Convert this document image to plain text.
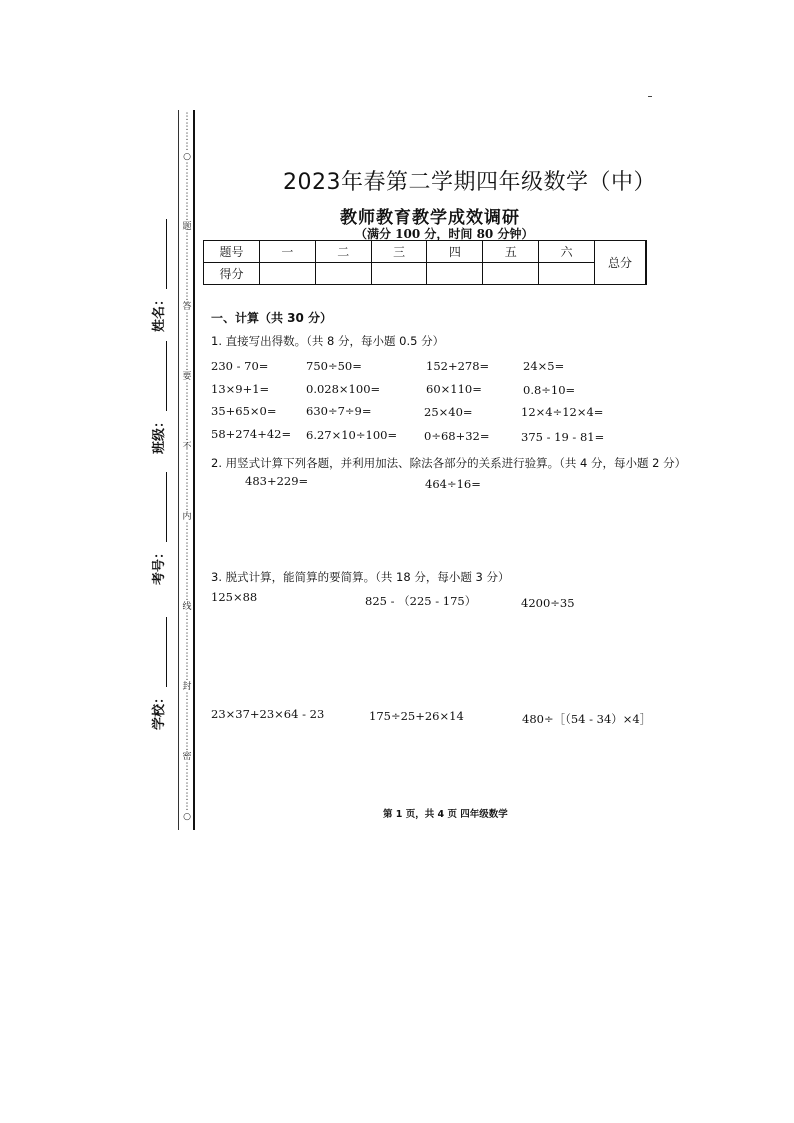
⋮
⋮
⋮
⋮
○
⋮
⋮
⋮
⋮
⋮
⋮
题
⋮
⋮
⋮
⋮
⋮
⋮
⋮
答
⋮
⋮
⋮
⋮
⋮
⋮
要
⋮
⋮
⋮
⋮
⋮
⋮
不
⋮
⋮
⋮
⋮
⋮
⋮
内
⋮
⋮
⋮
⋮
⋮
⋮
⋮
⋮
线
⋮
⋮
⋮
⋮
⋮
⋮
⋮
封
⋮
⋮
⋮
⋮
⋮
⋮
密
⋮
⋮
⋮
⋮
⋮
○
姓名：
班级：
考号：
学校：
2023年春第二学期四年级数学（中）
教师教育教学成效调研
（满分 100 分，时间 80 分钟）
题号	一	二	三	四	五	六	总分
得分							
一、计算（共 30 分）
1. 直接写出得数。（共 8 分，每小题 0.5 分）
230 - 70=	750÷50=	152+278=	24×5=
13×9+1=	0.028×100=	60×110=	0.8÷10=
35+65×0=	630÷7÷9=	25×40=	12×4÷12×4=
58+274+42= 6.27×10÷100= 0÷68+32=	375 - 19 - 81=
2. 用竖式计算下列各题，并利用加法、除法各部分的关系进行验算。（共 4 分，每小题 2 分）
483+229=	464÷16=
3. 脱式计算，能简算的要简算。（共 18 分，每小题 3 分）
125×88	825 - （225 - 175）	4200÷35
23×37+23×64 - 23	175÷25+26×14	480÷［（54 - 34）×4］
第 1 页，共 4 页 四年级数学
